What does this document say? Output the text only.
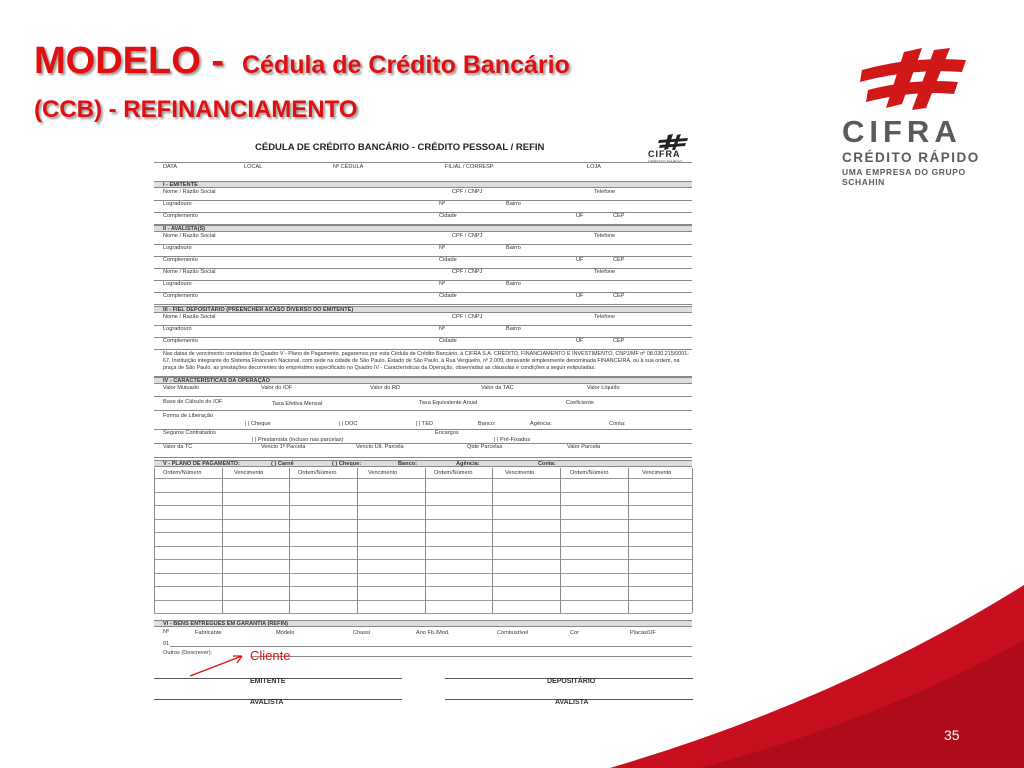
MODELO - Cédula de Crédito Bancário
(CCB) - REFINANCIAMENTO
CIFRA
CRÉDITO RÁPIDO
UMA EMPRESA DO GRUPO SCHAHIN
35
CÉDULA DE CRÉDITO BANCÁRIO - CRÉDITO PESSOAL / REFIN
CIFRA
CRÉDITO RÁPIDO
DATA	LOCAL	Nº CÉDULA	FILIAL / CORRESP.	LOJA
I - EMITENTE
Nome / Razão Social	CPF / CNPJ	Telefone
Logradouro	Nº	Bairro
Complemento	Cidade	UF	CEP
II - AVALISTA(S)
Nome / Razão Social	CPF / CNPJ	Telefone
Logradouro	Nº	Bairro
Complemento	Cidade	UF	CEP
Nome / Razão Social	CPF / CNPJ	Telefone
Logradouro	Nº	Bairro
Complemento	Cidade	UF	CEP
III - FIEL DEPOSITÁRIO (PREENCHER ACASO DIVERSO DO EMITENTE)
Nome / Razão Social	CPF / CNPJ	Telefone
Logradouro	Nº	Bairro
Complemento	Cidade	UF	CEP
Nas datas de vencimento constantes do Quadro V - Plano de Pagamento, pagaremos por esta Cédula de Crédito Bancário, à CIFRA S.A. CRÉDITO, FINANCIAMENTO E INVESTIMENTO, CNPJ/MF nº 08.030.215/0001-67, Instituição integrante do Sistema Financeiro Nacional, com sede na cidade de São Paulo, Estado de São Paulo, à Rua Vergueiro, nº 2.009, doravante simplesmente denominada FINANCEIRA, ou à sua ordem, na praça de São Paulo, as prestações decorrentes do empréstimo especificado no Quadro IV - Características da Operação, observadas as cláusulas e condições a seguir estipuladas.
IV - CARACTERÍSTICAS DA OPERAÇÃO
Valor Mutuado	Valor do IOF	Valor do RD	Valor da TAC	Valor Líquido
Base de Cálculo do IOF	Taxa Efetiva Mensal	Taxa Equivalente Anual	Coeficiente
Forma de Liberação
| | Cheque	| | DOC	| | TED	Banco:	Agência:	Conta:
Seguros Contratados	Encargos
| | Prestamista (incluso nas parcelas)	| | Pré-Fixados
Valor da TC	Vencto 1ª Parcela	Vencto Últ. Parcela	Qtde Parcelas	Valor Parcela
V - PLANO DE PAGAMENTO:	( ) Carnê	( ) Cheque:	Banco:	Agência:	Conta:
Ordem/Número	Vencimento	Ordem/Número	Vencimento	Ordem/Número	Vencimento	Ordem/Número	Vencimento
VI - BENS ENTREGUES EM GARANTIA (REFIN)
Nº	Fabricante	Modelo	Chassi	Ano Fb./Mod.	Combustível	Cor	Placas/UF
01
Outros (Descrever):
EMITENTE	DEPOSITÁRIO
AVALISTA	AVALISTA
Cliente
